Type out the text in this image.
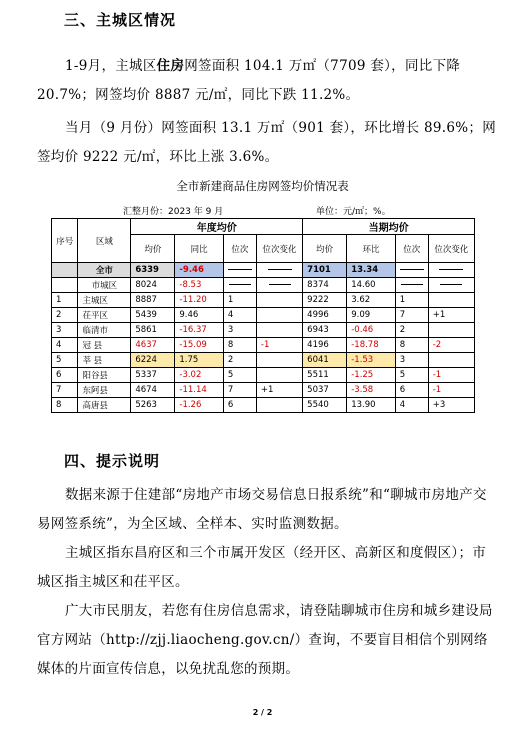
三、主城区情况
1-9月，主城区住房网签面积 104.1 万㎡（7709 套），同比下降 20.7%；网签均价 8887 元/㎡，同比下跌 11.2%。
当月（9 月份）网签面积 13.1 万㎡（901 套），环比增长 89.6%；网签均价 9222 元/㎡，环比上涨 3.6%。
全市新建商品住房网签均价情况表
汇整月份：2023 年 9 月	单位：元/㎡；%。
序号	区域	年度均价				当期均价			
		均价	同比	位次	位次变化	均价	环比	位次	位次变化
	全市	6339	-9.46			7101	13.34		
	市城区	8024	-8.53			8374	14.60		
1	主城区	8887	-11.20	1		9222	3.62	1	
2	茌平区	5439	9.46	4		4996	9.09	7	+1
3	临清市	5861	-16.37	3		6943	-0.46	2	
4	冠 县	4637	-15.09	8	-1	4196	-18.78	8	-2
5	莘 县	6224	1.75	2		6041	-1.53	3	
6	阳谷县	5337	-3.02	5		5511	-1.25	5	-1
7	东阿县	4674	-11.14	7	+1	5037	-3.58	6	-1
8	高唐县	5263	-1.26	6		5540	13.90	4	+3
四、提示说明
数据来源于住建部“房地产市场交易信息日报系统”和“聊城市房地产交易网签系统”，为全区域、全样本、实时监测数据。
主城区指东昌府区和三个市属开发区（经开区、高新区和度假区）；市城区指主城区和茌平区。
广大市民朋友，若您有住房信息需求，请登陆聊城市住房和城乡建设局官方网站（http://zjj.liaocheng.gov.cn/）查询，不要盲目相信个别网络媒体的片面宣传信息，以免扰乱您的预期。
2 / 2
